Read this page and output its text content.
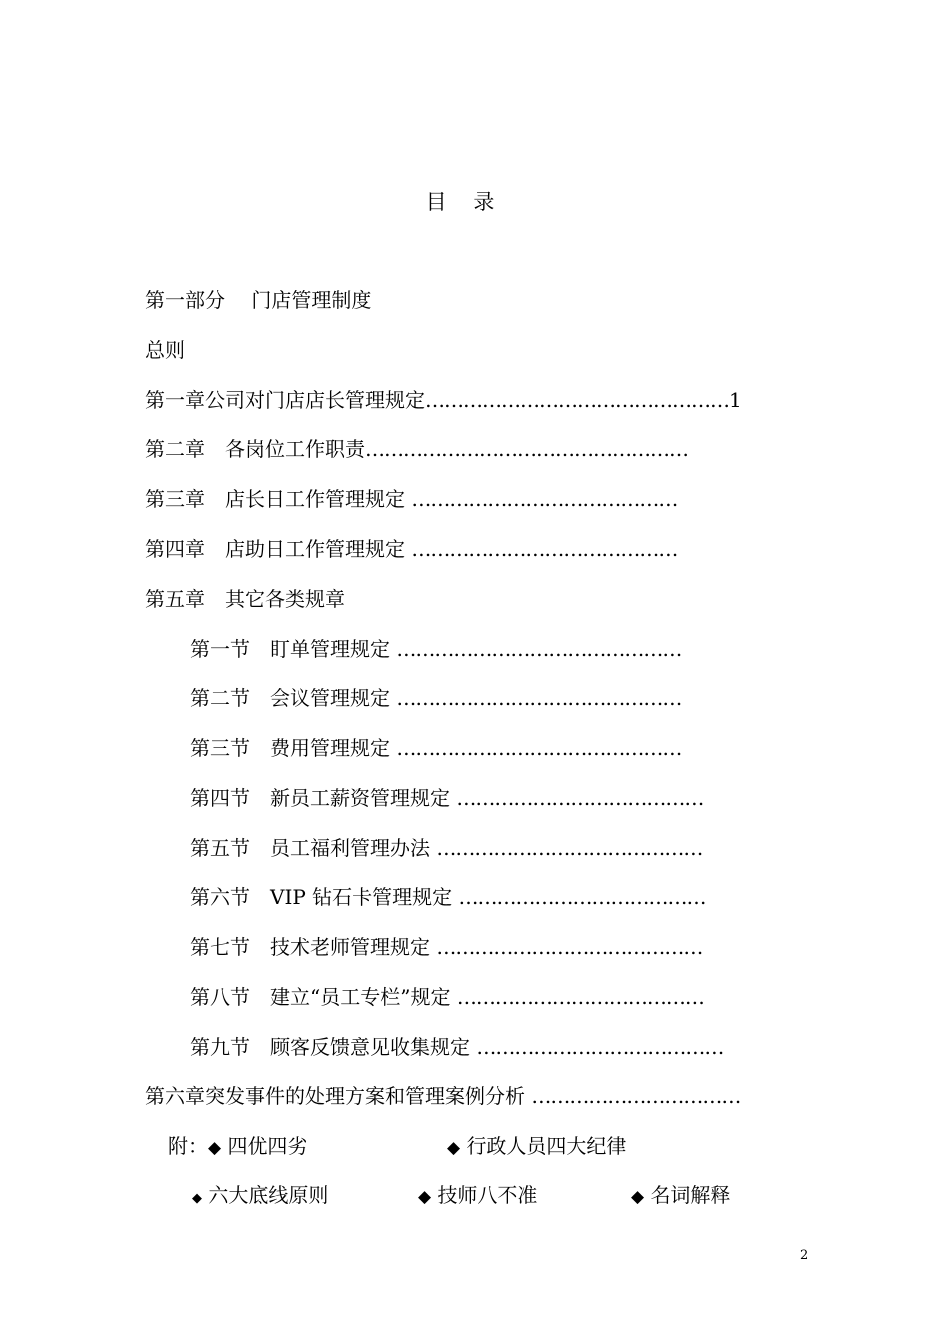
目    录
第一部分　 门店管理制度
总则
第一章公司对门店店长管理规定…………………………………………1
第二章　各岗位工作职责……………………………………………
第三章　店长日工作管理规定 ……………………………………
第四章　店助日工作管理规定 ……………………………………
第五章　其它各类规章
第一节　盯单管理规定 ………………………………………
第二节　会议管理规定 ………………………………………
第三节　费用管理规定 ………………………………………
第四节　新员工薪资管理规定 …………………………………
第五节　员工福利管理办法 ……………………………………
第六节　VIP 钻石卡管理规定 …………………………………
第七节　技术老师管理规定 ……………………………………
第八节　建立“员工专栏”规定 …………………………………
第九节　顾客反馈意见收集规定 …………………………………
第六章突发事件的处理方案和管理案例分析 ……………………………
附：◆ 四优四劣	◆ 行政人员四大纪律
◆ 六大底线原则	◆ 技师八不准	◆ 名词解释
2
